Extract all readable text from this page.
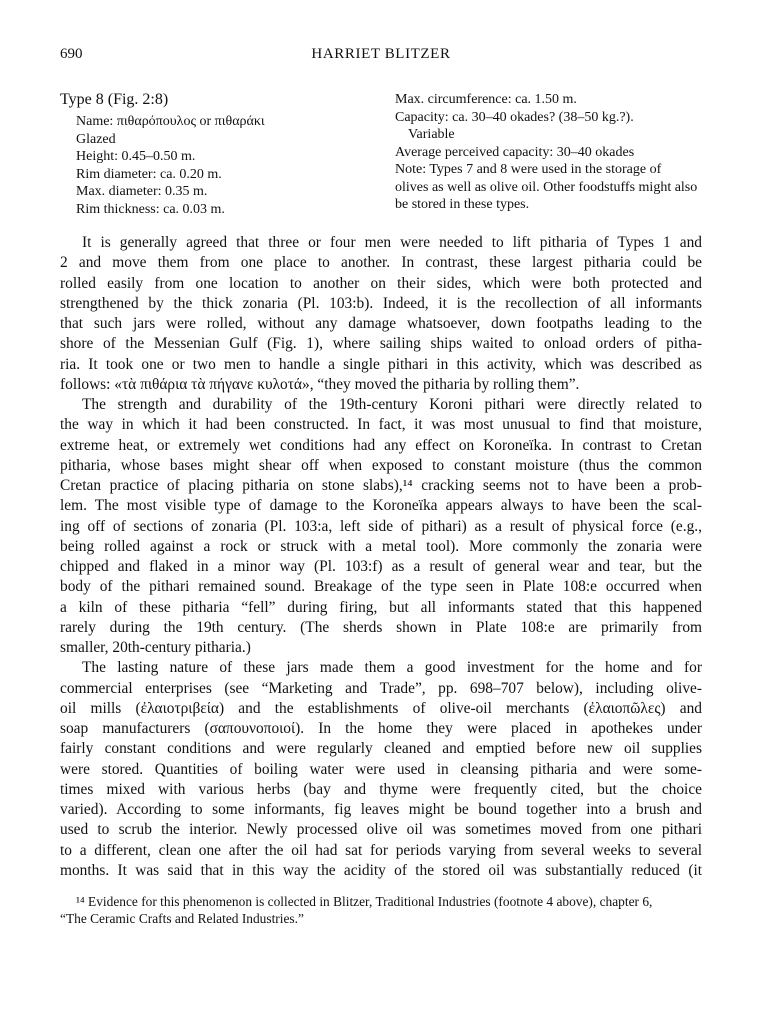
690	HARRIET BLITZER
Type 8 (Fig. 2:8)
Name: πιθαρόπουλος or πιθαράκι
Glazed
Height: 0.45–0.50 m.
Rim diameter: ca. 0.20 m.
Max. diameter: 0.35 m.
Rim thickness: ca. 0.03 m.
Max. circumference: ca. 1.50 m.
Capacity: ca. 30–40 okades? (38–50 kg.?).
Variable
Average perceived capacity: 30–40 okades
Note: Types 7 and 8 were used in the storage of
olives as well as olive oil. Other foodstuffs might also
be stored in these types.
It is generally agreed that three or four men were needed to lift pitharia of Types 1 and
2 and move them from one place to another. In contrast, these largest pitharia could be
rolled easily from one location to another on their sides, which were both protected and
strengthened by the thick zonaria (Pl. 103:b). Indeed, it is the recollection of all informants
that such jars were rolled, without any damage whatsoever, down footpaths leading to the
shore of the Messenian Gulf (Fig. 1), where sailing ships waited to onload orders of pitha-
ria. It took one or two men to handle a single pithari in this activity, which was described as
follows: «τὰ πιθάρια τὰ πήγανε κυλοτά», “they moved the pitharia by rolling them”.
The strength and durability of the 19th-century Koroni pithari were directly related to
the way in which it had been constructed. In fact, it was most unusual to find that moisture,
extreme heat, or extremely wet conditions had any effect on Koroneïka. In contrast to Cretan
pitharia, whose bases might shear off when exposed to constant moisture (thus the common
Cretan practice of placing pitharia on stone slabs),¹⁴ cracking seems not to have been a prob-
lem. The most visible type of damage to the Koroneïka appears always to have been the scal-
ing off of sections of zonaria (Pl. 103:a, left side of pithari) as a result of physical force (e.g.,
being rolled against a rock or struck with a metal tool). More commonly the zonaria were
chipped and flaked in a minor way (Pl. 103:f) as a result of general wear and tear, but the
body of the pithari remained sound. Breakage of the type seen in Plate 108:e occurred when
a kiln of these pitharia “fell” during firing, but all informants stated that this happened
rarely during the 19th century. (The sherds shown in Plate 108:e are primarily from
smaller, 20th-century pitharia.)
The lasting nature of these jars made them a good investment for the home and for
commercial enterprises (see “Marketing and Trade”, pp. 698–707 below), including olive-
oil mills (ἐλαιοτριβεία) and the establishments of olive-oil merchants (ἐλαιοπῶλες) and
soap manufacturers (σαπουνοποιοί). In the home they were placed in apothekes under
fairly constant conditions and were regularly cleaned and emptied before new oil supplies
were stored. Quantities of boiling water were used in cleansing pitharia and were some-
times mixed with various herbs (bay and thyme were frequently cited, but the choice
varied). According to some informants, fig leaves might be bound together into a brush and
used to scrub the interior. Newly processed olive oil was sometimes moved from one pithari
to a different, clean one after the oil had sat for periods varying from several weeks to several
months. It was said that in this way the acidity of the stored oil was substantially reduced (it
¹⁴ Evidence for this phenomenon is collected in Blitzer, Traditional Industries (footnote 4 above), chapter 6,
“The Ceramic Crafts and Related Industries.”
